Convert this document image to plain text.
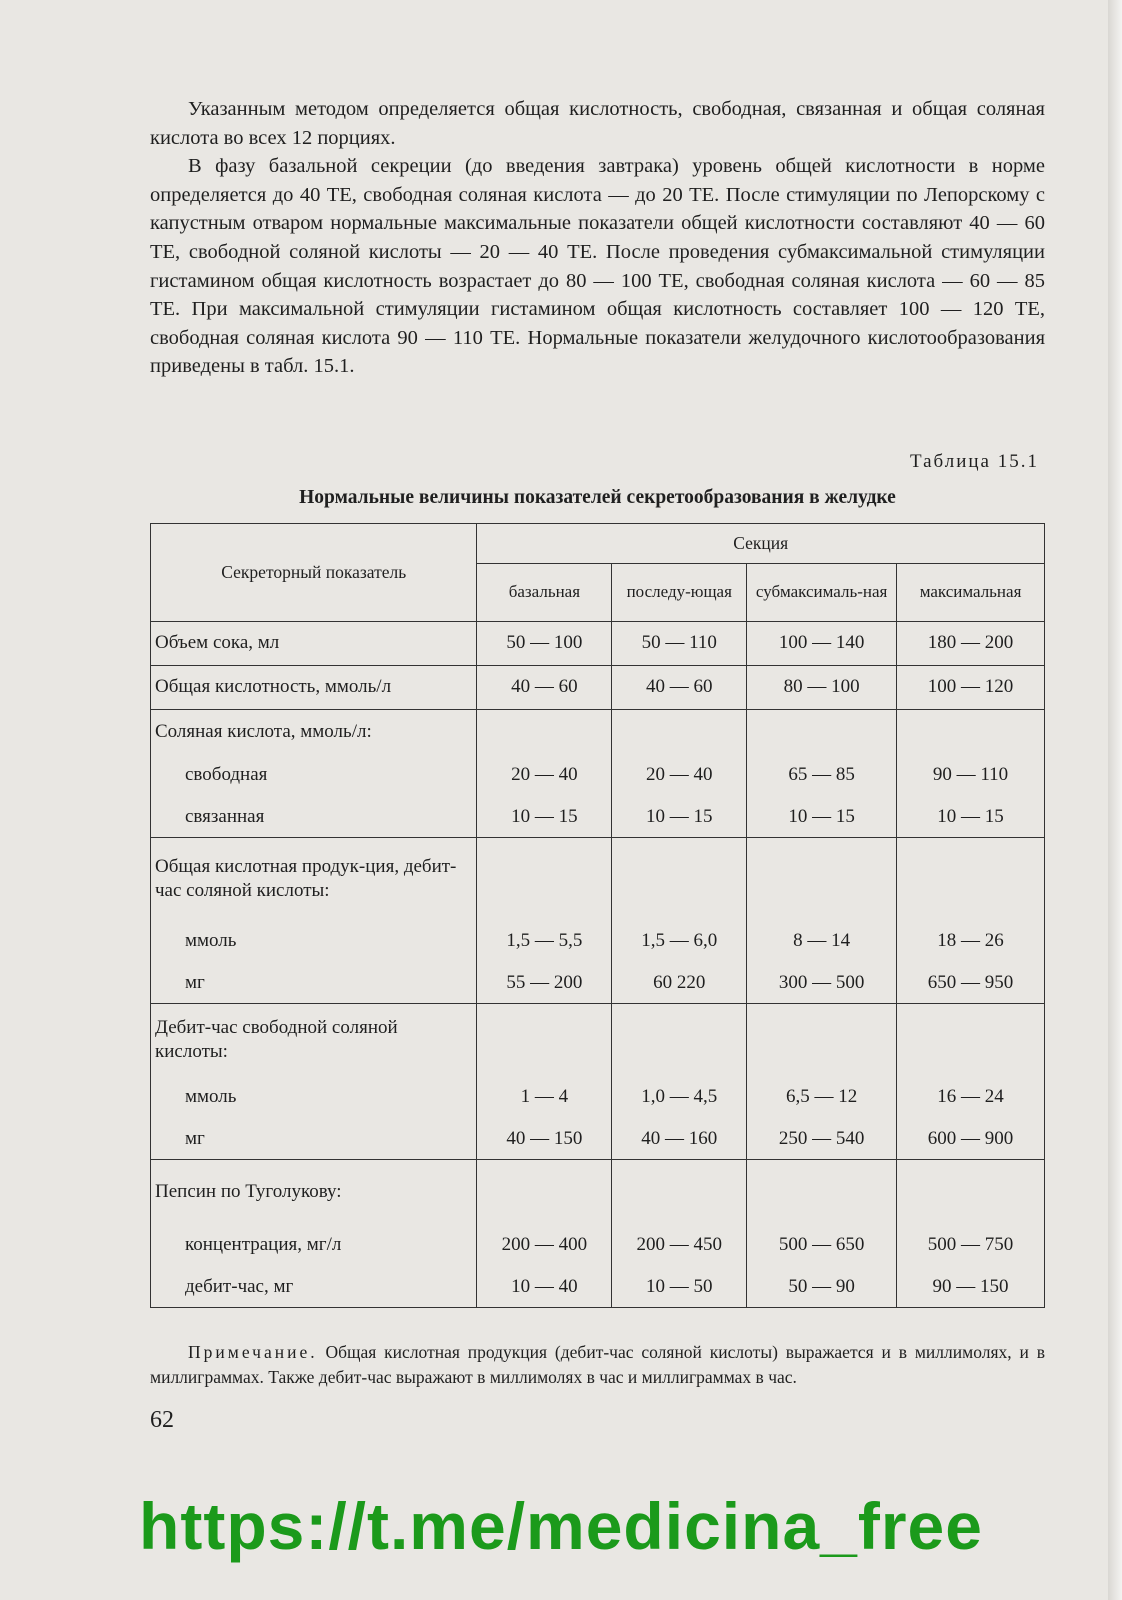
Указанным методом определяется общая кислотность, свободная, связанная и общая соляная кислота во всех 12 порциях.

В фазу базальной секреции (до введения завтрака) уровень общей кислотности в норме определяется до 40 ТЕ, свободная соляная кислота — до 20 ТЕ. После стимуляции по Лепорскому с капустным отваром нормальные максимальные показатели общей кислотности составляют 40 — 60 ТЕ, свободной соляной кислоты — 20 — 40 ТЕ. После проведения субмаксимальной стимуляции гистамином общая кислотность возрастает до 80 — 100 ТЕ, свободная соляная кислота — 60 — 85 ТЕ. При максимальной стимуляции гистамином общая кислотность составляет 100 — 120 ТЕ, свободная соляная кислота 90 — 110 ТЕ. Нормальные показатели желудочного кислотообразования приведены в табл. 15.1.

Таблица 15.1
Нормальные величины показателей секретообразования в желудке
Секреторный показатель	Секция			
	базальная	последу-ющая	субмаксималь-ная	максимальная
Объем сока, мл	50 — 100	50 — 110	100 — 140	180 — 200
Общая кислотность, ммоль/л	40 — 60	40 — 60	80 — 100	100 — 120
Соляная кислота, ммоль/л:				
свободная	20 — 40	20 — 40	65 — 85	90 — 110
связанная	10 — 15	10 — 15	10 — 15	10 — 15
Общая кислотная продук-ция, дебит-час соляной кислоты:				
ммоль	1,5 — 5,5	1,5 — 6,0	8 — 14	18 — 26
мг	55 — 200	60 220	300 — 500	650 — 950
Дебит-час свободной соляной кислоты:				
ммоль	1 — 4	1,0 — 4,5	6,5 — 12	16 — 24
мг	40 — 150	40 — 160	250 — 540	600 — 900
Пепсин по Туголукову:				
концентрация, мг/л	200 — 400	200 — 450	500 — 650	500 — 750
дебит-час, мг	10 — 40	10 — 50	50 — 90	90 — 150

Примечание. Общая кислотная продукция (дебит-час соляной кислоты) выражается и в миллимолях, и в миллиграммах. Также дебит-час выражают в миллимолях в час и миллиграммах в час.

62
https://t.me/medicina_free
